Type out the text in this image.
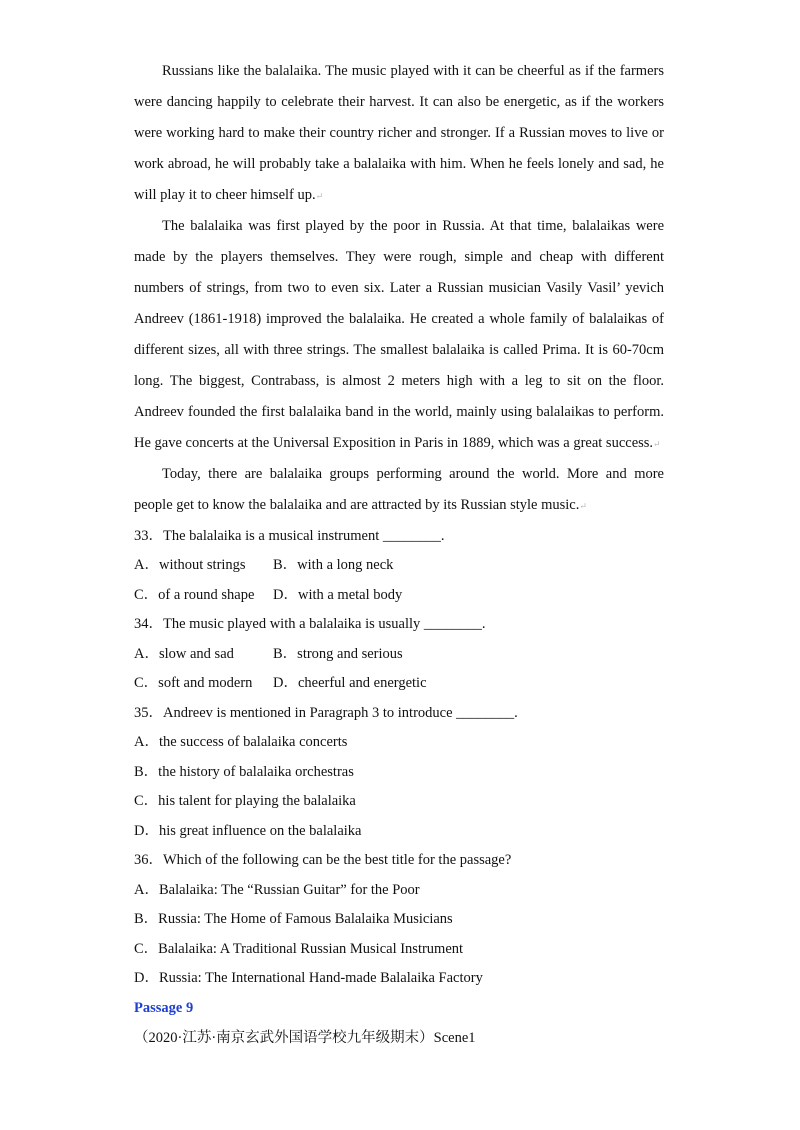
Russians like the balalaika. The music played with it can be cheerful as if the farmers were dancing happily to celebrate their harvest. It can also be energetic, as if the workers were working hard to make their country richer and stronger. If a Russian moves to live or work abroad, he will probably take a balalaika with him. When he feels lonely and sad, he will play it to cheer himself up.↵

The balalaika was first played by the poor in Russia. At that time, balalaikas were made by the players themselves. They were rough, simple and cheap with different numbers of strings, from two to even six. Later a Russian musician Vasily Vasil’ yevich Andreev (1861-1918) improved the balalaika. He created a whole family of balalaikas of different sizes, all with three strings. The smallest balalaika is called Prima. It is 60-70cm long. The biggest, Contrabass, is almost 2 meters high with a leg to sit on the floor. Andreev founded the first balalaika band in the world, mainly using balalaikas to perform. He gave concerts at the Universal Exposition in Paris in 1889, which was a great success.↵

Today, there are balalaika groups performing around the world. More and more people get to know the balalaika and are attracted by its Russian style music.↵

33．The balalaika is a musical instrument ________.
A．without strings B．with a long neck
C．of a round shape D．with a metal body
34．The music played with a balalaika is usually ________.
A．slow and sad	B．strong and serious
C．soft and modern D．cheerful and energetic
35．Andreev is mentioned in Paragraph 3 to introduce ________.
A．the success of balalaika concerts
B．the history of balalaika orchestras
C．his talent for playing the balalaika
D．his great influence on the balalaika
36．Which of the following can be the best title for the passage?
A．Balalaika: The “Russian Guitar” for the Poor
B．Russia: The Home of Famous Balalaika Musicians
C．Balalaika: A Traditional Russian Musical Instrument
D．Russia: The International Hand-made Balalaika Factory
Passage 9
（2020·江苏·南京玄武外国语学校九年级期末）Scene1
